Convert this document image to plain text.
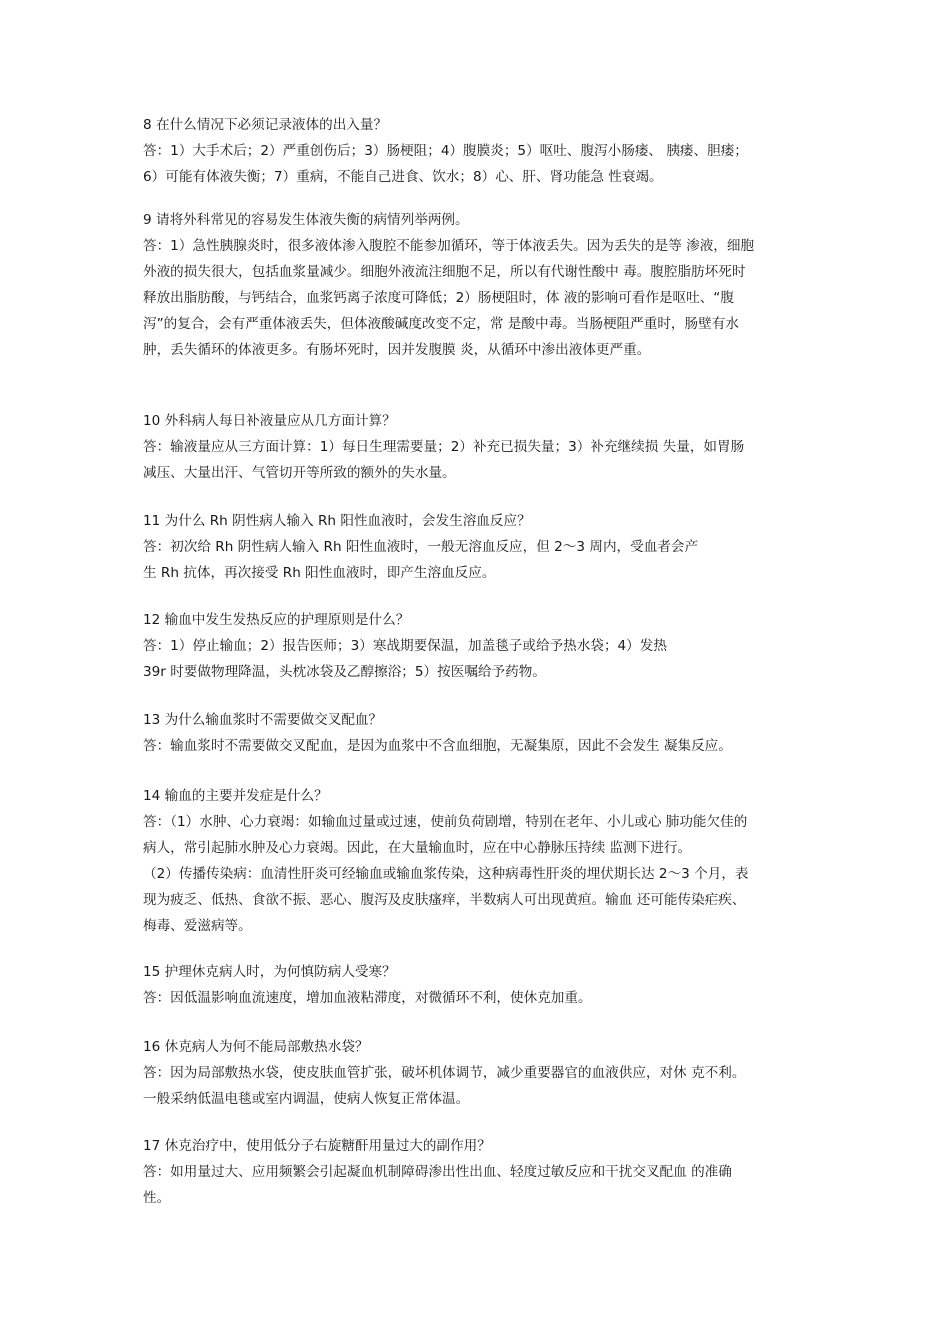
8 在什么情况下必须记录液体的出入量？
答：1）大手术后；2）严重创伤后；3）肠梗阻；4）腹膜炎；5）呕吐、腹泻小肠瘘、 胰瘘、胆瘘；
6）可能有体液失衡；7）重病，不能自己进食、饮水；8）心、肝、肾功能急 性衰竭。
9 请将外科常见的容易发生体液失衡的病情列举两例。
答：1）急性胰腺炎时，很多液体渗入腹腔不能参加循环，等于体液丢失。因为丢失的是等 渗液，细胞
外液的损失很大，包括血浆量减少。细胞外液流注细胞不足，所以有代谢性酸中 毒。腹腔脂肪坏死时
释放出脂肪酸，与钙结合，血浆钙离子浓度可降低；2）肠梗阻时，体 液的影响可看作是呕吐、“腹
泻”的复合，会有严重体液丢失，但体液酸碱度改变不定，常 是酸中毒。当肠梗阻严重时，肠壁有水
肿，丢失循环的体液更多。有肠坏死时，因并发腹膜 炎，从循环中渗出液体更严重。
10 外科病人每日补液量应从几方面计算？
答：输液量应从三方面计算：1）每日生理需要量；2）补充已损失量；3）补充继续损 失量，如胃肠
减压、大量出汗、气管切开等所致的额外的失水量。
11 为什么 Rh 阴性病人输入 Rh 阳性血液时，会发生溶血反应？
答：初次给 Rh 阴性病人输入 Rh 阳性血液时，一般无溶血反应，但 2〜3 周内，受血者会产
生 Rh 抗体，再次接受 Rh 阳性血液时，即产生溶血反应。
12 输血中发生发热反应的护理原则是什么？
答：1）停止输血；2）报告医师；3）寒战期要保温，加盖毯子或给予热水袋；4）发热
39r 时要做物理降温，头枕冰袋及乙醇擦浴；5）按医嘱给予药物。
13 为什么输血浆时不需要做交叉配血？
答：输血浆时不需要做交叉配血，是因为血浆中不含血细胞，无凝集原，因此不会发生 凝集反应。
14 输血的主要并发症是什么？
答：（1）水肿、心力衰竭：如输血过量或过速，使前负荷剧增，特别在老年、小儿或心 肺功能欠佳的
病人，常引起肺水肿及心力衰竭。因此，在大量输血时，应在中心静脉压持续 监测下进行。
（2）传播传染病：血清性肝炎可经输血或输血浆传染，这种病毒性肝炎的埋伏期长达 2〜3 个月，表
现为疲乏、低热、食欲不振、恶心、腹泻及皮肤瘙痒，半数病人可出现黄疸。输血 还可能传染疟疾、
梅毒、爱滋病等。
15 护理休克病人时，为何慎防病人受寒？
答：因低温影响血流速度，增加血液粘滞度，对微循环不利，使休克加重。
16 休克病人为何不能局部敷热水袋？
答：因为局部敷热水袋，使皮肤血管扩张，破坏机体调节，减少重要器官的血液供应，对休 克不利。
一般采纳低温电毯或室内调温，使病人恢复正常体温。
17 休克治疗中，使用低分子右旋糖酐用量过大的副作用？
答：如用量过大、应用频繁会引起凝血机制障碍渗出性出血、轻度过敏反应和干扰交叉配血 的准确
性。
